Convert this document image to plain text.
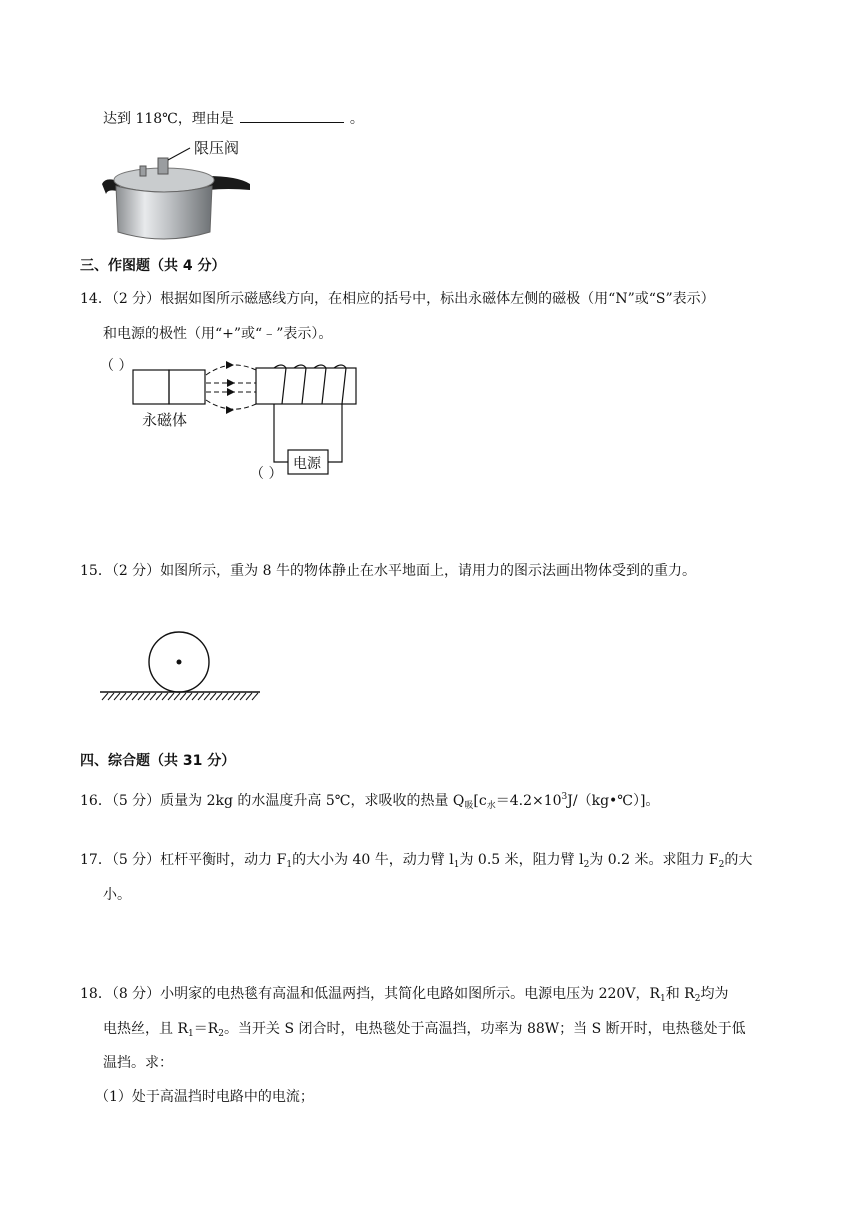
达到 118℃，理由是	。
限压阀
三、作图题（共 4 分）
14．（2 分）根据如图所示磁感线方向，在相应的括号中，标出永磁体左侧的磁极（用“N”或“S”表示）
和电源的极性（用“+”或“﹣”表示）。
（ ）
永磁体
电源
（ ）
15．（2 分）如图所示，重为 8 牛的物体静止在水平地面上，请用力的图示法画出物体受到的重力。
四、综合题（共 31 分）
16．（5 分）质量为 2kg 的水温度升高 5℃，求吸收的热量 $Q_吸[c_水=4.2\times 10^3J/(kg•℃)]$。
17．（5 分）杠杆平衡时，动力 $F_1$的大小为 40 牛，动力臂 $l_1$为 0.5 米，阻力臂 $l_2$为 0.2 米。求阻力 $F_2$的大
小。
18．（8 分）小明家的电热毯有高温和低温两挡，其简化电路如图所示。电源电压为 220V，$R_1$和 $R_2$均为
电热丝，且 $R_1=R_2$。当开关 S 闭合时，电热毯处于高温挡，功率为 88W；当 S 断开时，电热毯处于低
温挡。求：
（1）处于高温挡时电路中的电流；
